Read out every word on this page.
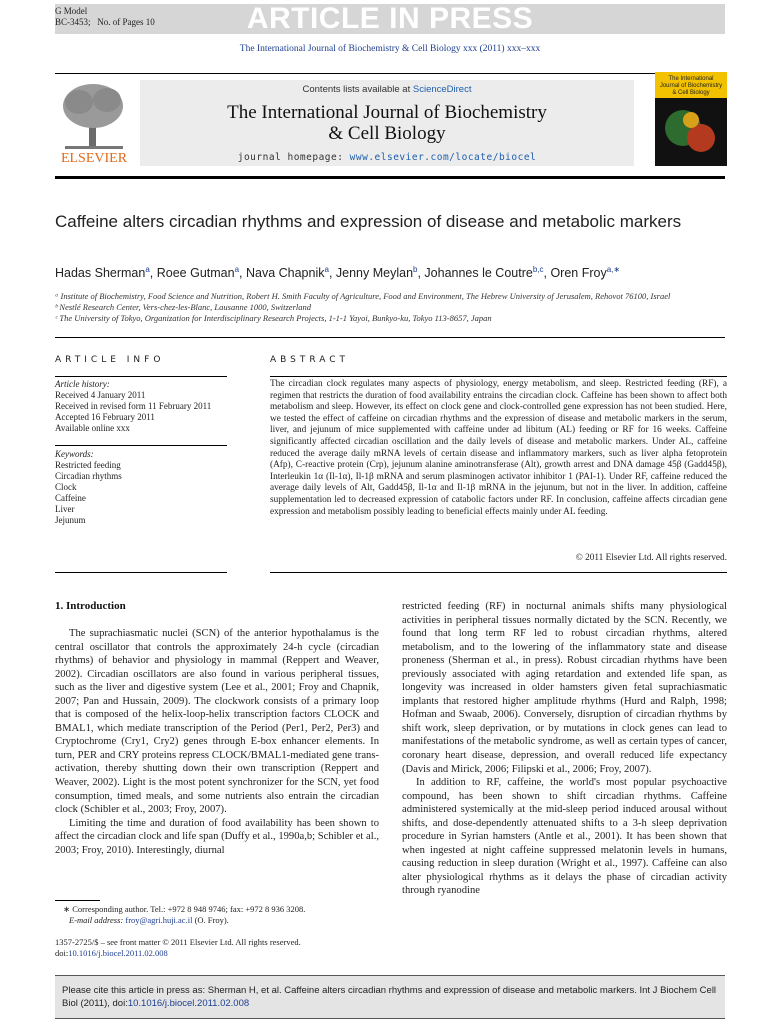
G Model
BC-3453; No. of Pages 10	ARTICLE IN PRESS
The International Journal of Biochemistry & Cell Biology xxx (2011) xxx–xxx
ELSEVIER
Contents lists available at ScienceDirect
The International Journal of Biochemistry
& Cell Biology
journal homepage: www.elsevier.com/locate/biocel
The International Journal of Biochemistry & Cell Biology
Caffeine alters circadian rhythms and expression of disease and metabolic markers
Hadas Sherman$^a$, Roee Gutman$^a$, Nava Chapnik$^a$, Jenny Meylan$^b$, Johannes le Coutre$^{b,c}$, Oren Froy$^{a,∗}$
ᵃ Institute of Biochemistry, Food Science and Nutrition, Robert H. Smith Faculty of Agriculture, Food and Environment, The Hebrew University of Jerusalem, Rehovot 76100, Israel
ᵇ Nestlé Research Center, Vers-chez-les-Blanc, Lausanne 1000, Switzerland
ᶜ The University of Tokyo, Organization for Interdisciplinary Research Projects, 1-1-1 Yayoi, Bunkyo-ku, Tokyo 113-8657, Japan
ARTICLE INFO
Article history:
Received 4 January 2011
Received in revised form 11 February 2011
Accepted 16 February 2011
Available online xxx
Keywords:
Restricted feeding
Circadian rhythms
Clock
Caffeine
Liver
Jejunum
ABSTRACT
The circadian clock regulates many aspects of physiology, energy metabolism, and sleep. Restricted feeding (RF), a regimen that restricts the duration of food availability entrains the circadian clock. Caffeine has been shown to affect both metabolism and sleep. However, its effect on clock gene and clock-controlled gene expression has not been studied. Here, we tested the effect of caffeine on circadian rhythms and the expression of disease and metabolic markers in the serum, liver, and jejunum of mice supplemented with caffeine under ad libitum (AL) feeding or RF for 16 weeks. Caffeine significantly affected circadian oscillation and the daily levels of disease and metabolic markers. Under AL, caffeine reduced the average daily mRNA levels of certain disease and inflammatory markers, such as liver alpha fetoprotein (Afp), C-reactive protein (Crp), jejunum alanine aminotransferase (Alt), growth arrest and DNA damage 45β (Gadd45β), Interleukin 1α (Il-1α), Il-1β mRNA and serum plasminogen activator inhibitor 1 (PAI-1). Under RF, caffeine reduced the average daily levels of Alt, Gadd45β, Il-1α and Il-1β mRNA in the jejunum, but not in the liver. In addition, caffeine supplementation led to decreased expression of catabolic factors under RF. In conclusion, caffeine affects circadian gene expression and metabolism possibly leading to beneficial effects mainly under AL feeding.
© 2011 Elsevier Ltd. All rights reserved.
1. Introduction

The suprachiasmatic nuclei (SCN) of the anterior hypothalamus is the central oscillator that controls the approximately 24-h cycle (circadian rhythms) of behavior and physiology in mammal (Reppert and Weaver, 2002). Circadian oscillators are also found in various peripheral tissues, such as the liver and digestive system (Lee et al., 2001; Froy and Chapnik, 2007; Pan and Hussain, 2009). The clockwork consists of a primary loop that is composed of the helix-loop-helix transcription factors CLOCK and BMAL1, which mediate transcription of the Period (Per1, Per2, Per3) and Cryptochrome (Cry1, Cry2) genes through E-box enhancer elements. In turn, PER and CRY proteins repress CLOCK/BMAL1-mediated gene trans-activation, thereby shutting down their own transcription (Reppert and Weaver, 2002). Light is the most potent synchronizer for the SCN, yet food consumption, timed meals, and some nutrients also entrain the circadian clock (Schibler et al., 2003; Froy, 2007).

Limiting the time and duration of food availability has been shown to affect the circadian clock and life span (Duffy et al., 1990a,b; Schibler et al., 2003; Froy, 2010). Interestingly, diurnal

restricted feeding (RF) in nocturnal animals shifts many physiological activities in peripheral tissues normally dictated by the SCN. Recently, we found that long term RF led to robust circadian rhythms, altered metabolism, and to the lowering of the inflammatory state and disease proneness (Sherman et al., in press). Robust circadian rhythms have been previously associated with aging retardation and extended life span, as longevity was increased in older hamsters given fetal suprachiasmatic implants that restored higher amplitude rhythms (Hurd and Ralph, 1998; Hofman and Swaab, 2006). Conversely, disruption of circadian rhythms by shift work, sleep deprivation, or by mutations in clock genes can lead to manifestations of the metabolic syndrome, as well as certain types of cancer, coronary heart disease, depression, and overall reduced life expectancy (Davis and Mirick, 2006; Filipski et al., 2006; Froy, 2007).

In addition to RF, caffeine, the world's most popular psychoactive compound, has been shown to shift circadian rhythms. Caffeine administered systemically at the mid-sleep period induced arousal without shifts, and dose-dependently attenuated shifts to a 3-h sleep deprivation procedure in Syrian hamsters (Antle et al., 2001). It has been shown that when ingested at night caffeine suppressed melatonin levels in humans, causing reduction in sleep duration (Wright et al., 1997). Caffeine can also alter physiological rhythms as it delays the phase of circadian activity through ryanodine

∗ Corresponding author. Tel.: +972 8 948 9746; fax: +972 8 936 3208.
E-mail address: froy@agri.huji.ac.il (O. Froy).
1357-2725/$ – see front matter © 2011 Elsevier Ltd. All rights reserved.
doi:10.1016/j.biocel.2011.02.008
Please cite this article in press as: Sherman H, et al. Caffeine alters circadian rhythms and expression of disease and metabolic markers. Int J Biochem Cell Biol (2011), doi:10.1016/j.biocel.2011.02.008
